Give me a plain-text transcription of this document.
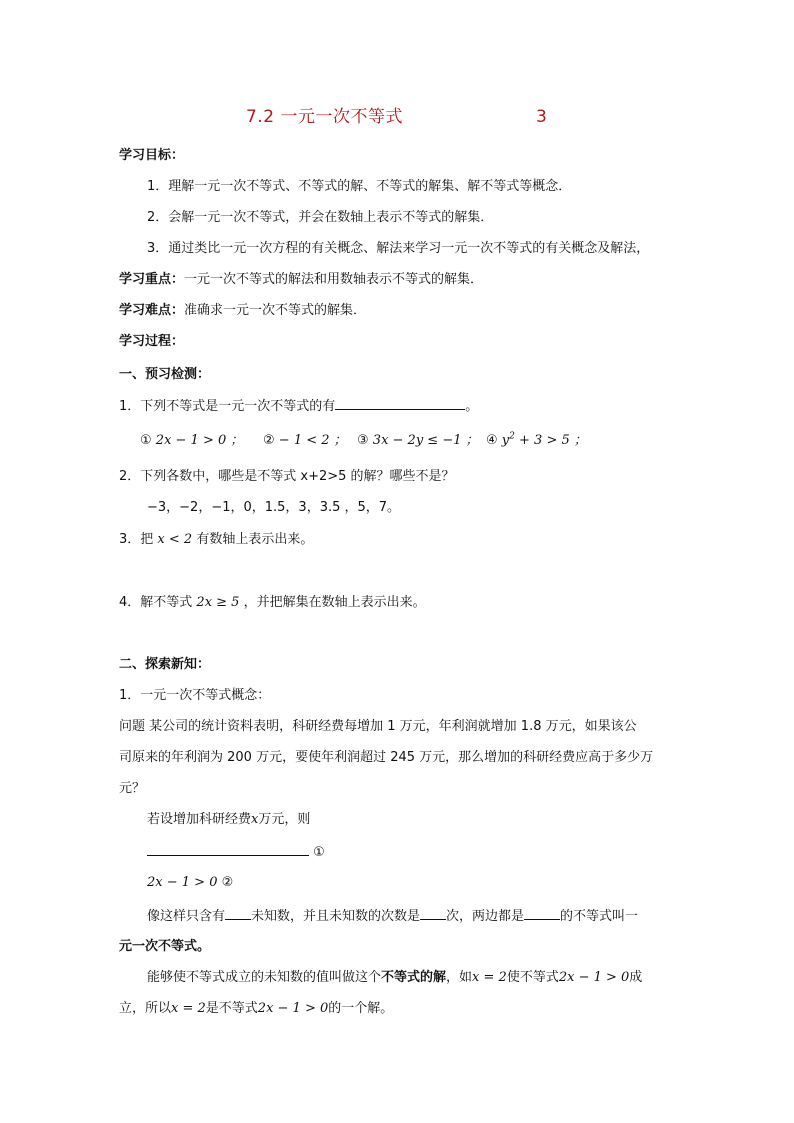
7.2 一元一次不等式	3
学习目标：
1．理解一元一次不等式、不等式的解、不等式的解集、解不等式等概念．
2．会解一元一次不等式，并会在数轴上表示不等式的解集．
3．通过类比一元一次方程的有关概念、解法来学习一元一次不等式的有关概念及解法，
学习重点：一元一次不等式的解法和用数轴表示不等式的解集．
学习难点：准确求一元一次不等式的解集．
学习过程：
一、预习检测：
1．下列不等式是一元一次不等式的有	。
① 2x − 1 > 0 ； ② − 1 < 2 ； ③ 3x − 2y ≤ −1 ； ④ $y^2 + 3 > 5$ ；
2．下列各数中，哪些是不等式 x+2>5 的解？哪些不是？
−3，−2，−1，0，1.5，3，3.5 ，5，7。
3．把 x < 2 有数轴上表示出来。
4．解不等式 2x ≥ 5 ，并把解集在数轴上表示出来。
二、探索新知：
1．一元一次不等式概念：
问题 某公司的统计资料表明，科研经费每增加 1 万元，年利润就增加 1.8 万元，如果该公
司原来的年利润为 200 万元，要使年利润超过 245 万元，那么增加的科研经费应高于多少万
元？
若设增加科研经费x万元，则
①
2x − 1 > 0 ②
像这样只含有 未知数，并且未知数的次数是 次，两边都是	的不等式叫一
元一次不等式。
能够使不等式成立的未知数的值叫做这个不等式的解，如x = 2使不等式2x − 1 > 0成
立，所以x = 2是不等式2x − 1 > 0的一个解。
